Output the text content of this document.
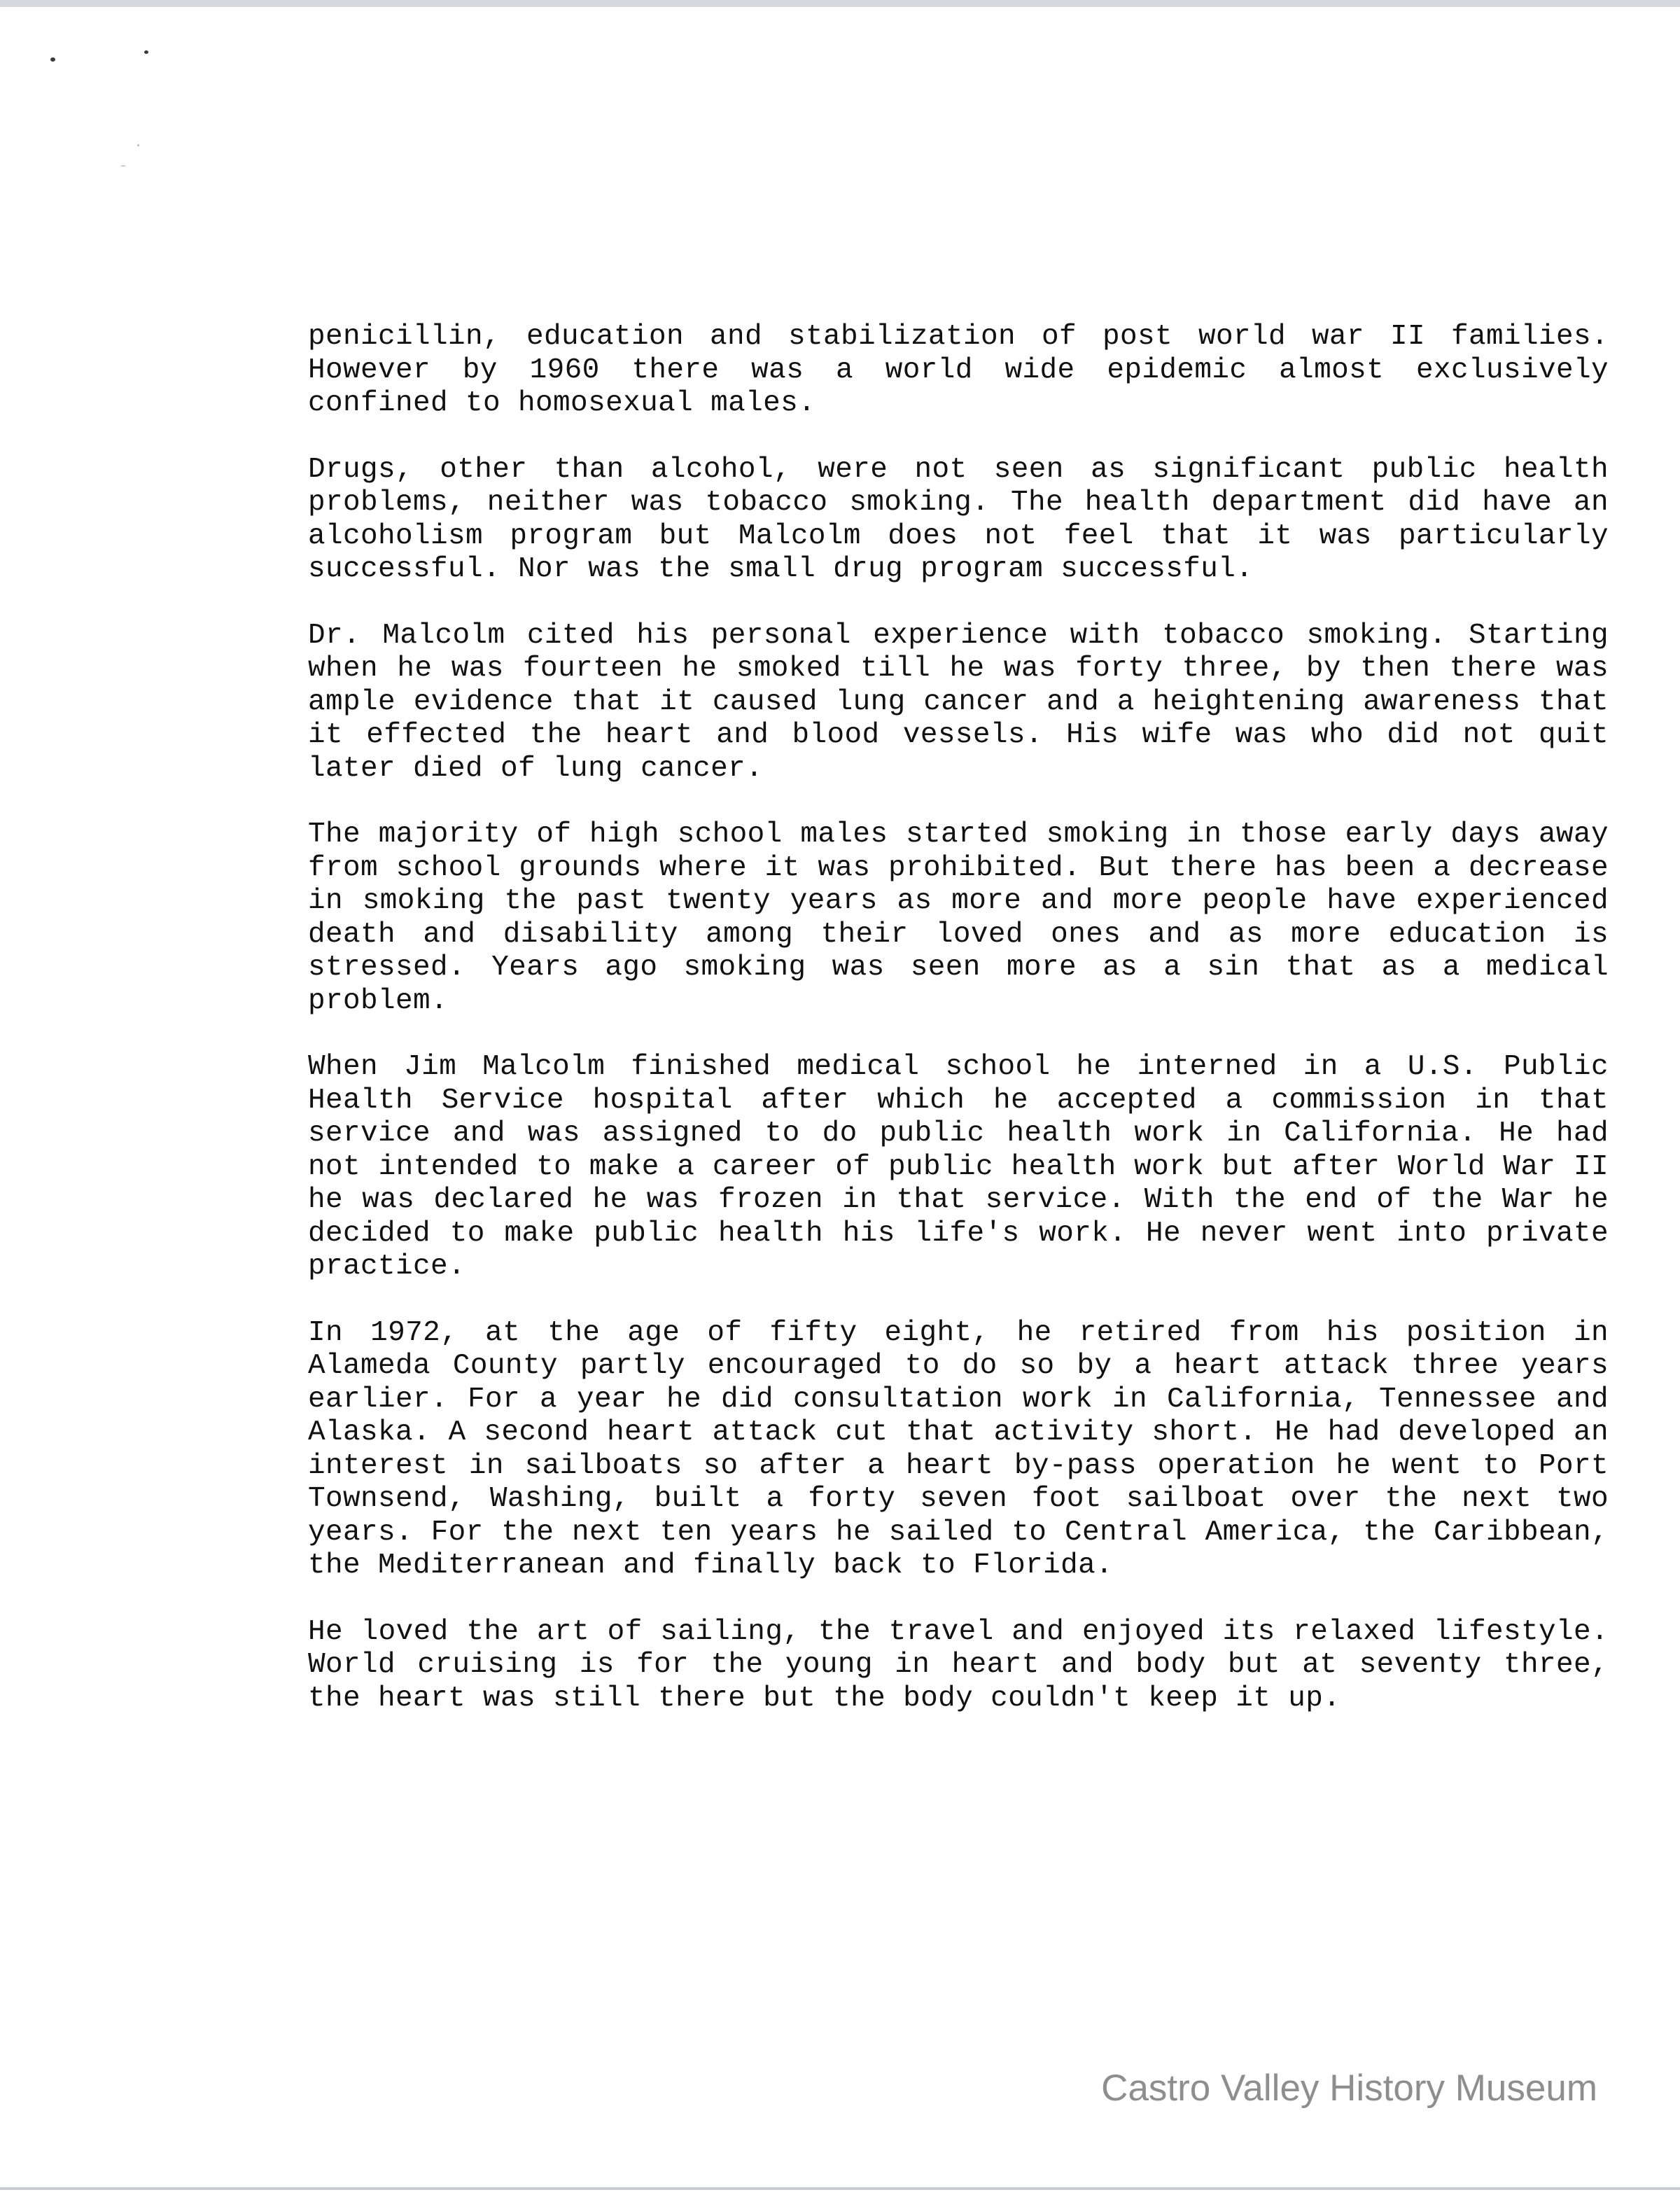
penicillin, education and stabilization of post world war II families. However by 1960 there was a world wide epidemic almost exclusively confined to homosexual males.

Drugs, other than alcohol, were not seen as significant public health problems, neither was tobacco smoking. The health department did have an alcoholism program but Malcolm does not feel that it was particularly successful. Nor was the small drug program successful.

Dr. Malcolm cited his personal experience with tobacco smoking. Starting when he was fourteen he smoked till he was forty three, by then there was ample evidence that it caused lung cancer and a heightening awareness that it effected the heart and blood vessels. His wife was who did not quit later died of lung cancer.

The majority of high school males started smoking in those early days away from school grounds where it was prohibited. But there has been a decrease in smoking the past twenty years as more and more people have experienced death and disability among their loved ones and as more education is stressed. Years ago smoking was seen more as a sin that as a medical problem.

When Jim Malcolm finished medical school he interned in a U.S. Public Health Service hospital after which he accepted a commission in that service and was assigned to do public health work in California. He had not intended to make a career of public health work but after World War II he was declared he was frozen in that service. With the end of the War he decided to make public health his life's work. He never went into private practice.

In 1972, at the age of fifty eight, he retired from his position in Alameda County partly encouraged to do so by a heart attack three years earlier. For a year he did consultation work in California, Tennessee and Alaska. A second heart attack cut that activity short. He had developed an interest in sailboats so after a heart by-pass operation he went to Port Townsend, Washing, built a forty seven foot sailboat over the next two years. For the next ten years he sailed to Central America, the Caribbean, the Mediterranean and finally back to Florida.

He loved the art of sailing, the travel and enjoyed its relaxed lifestyle. World cruising is for the young in heart and body but at seventy three, the heart was still there but the body couldn't keep it up.

Castro Valley History Museum
